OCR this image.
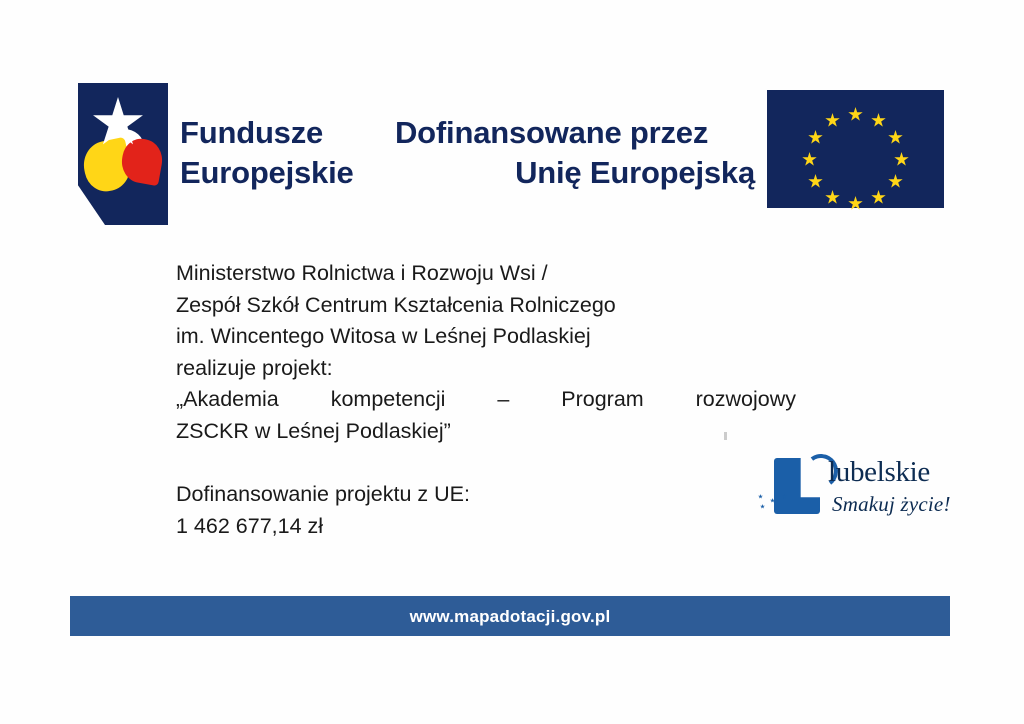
Fundusze
Europejskie
Dofinansowane przez
Unię Europejską
Ministerstwo Rolnictwa i Rozwoju Wsi /
Zespół Szkół Centrum Kształcenia Rolniczego
im. Wincentego Witosa w Leśnej Podlaskiej
realizuje projekt:
„Akademia kompetencji – Program rozwojowy
ZSCKR w Leśnej Podlaskiej”
Dofinansowanie projektu z UE:
1 462 677,14 zł
lubelskie
Smakuj życie!
www.mapadotacji.gov.pl
